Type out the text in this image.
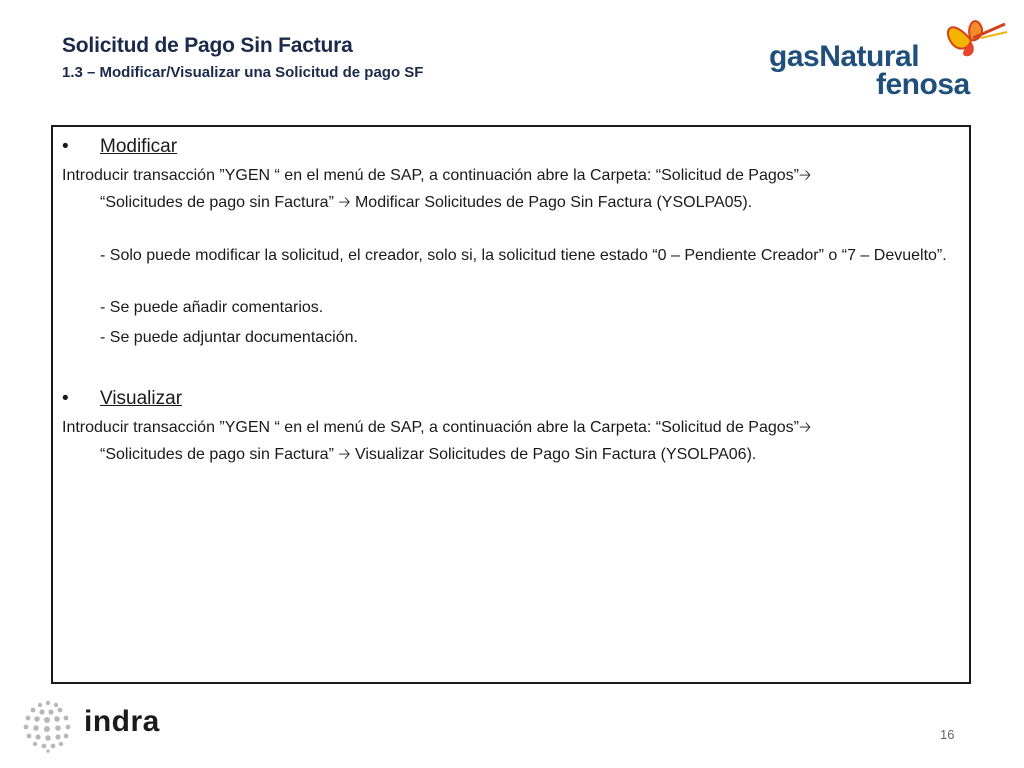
Solicitud de Pago Sin Factura
1.3 – Modificar/Visualizar una Solicitud de pago SF	gasNatural
fenosa
• Modificar
Introducir transacción ”YGEN “ en el menú de SAP, a continuación abre la Carpeta: “Solicitud de Pagos”🡢
“Solicitudes de pago sin Factura” 🡢 Modificar Solicitudes de Pago Sin Factura (YSOLPA05).
- Solo puede modificar la solicitud, el creador, solo si, la solicitud tiene estado “0 – Pendiente Creador” o “7 – Devuelto”.
- Se puede añadir comentarios.
- Se puede adjuntar documentación.
• Visualizar
Introducir transacción ”YGEN “ en el menú de SAP, a continuación abre la Carpeta: “Solicitud de Pagos”🡢
“Solicitudes de pago sin Factura” 🡢 Visualizar Solicitudes de Pago Sin Factura (YSOLPA06).
indra	16
